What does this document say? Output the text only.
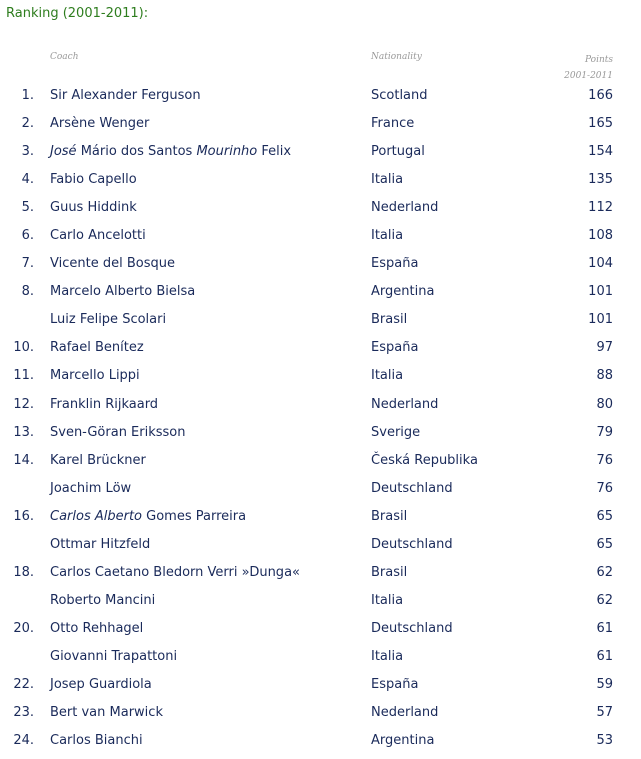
Ranking (2001-2011):
Coach	Nationality	Points
2001-2011
1. Sir Alexander Ferguson	Scotland	166
2. Arsène Wenger	France	165
3. José Mário dos Santos Mourinho Felix	Portugal	154
4. Fabio Capello	Italia	135
5. Guus Hiddink	Nederland	112
6. Carlo Ancelotti	Italia	108
7. Vicente del Bosque	España	104
8. Marcelo Alberto Bielsa	Argentina	101
Luiz Felipe Scolari	Brasil	101
10. Rafael Benítez	España	97
11. Marcello Lippi	Italia	88
12. Franklin Rijkaard	Nederland	80
13. Sven-Göran Eriksson	Sverige	79
14. Karel Brückner	Česká Republika	76
Joachim Löw	Deutschland	76
16. Carlos Alberto Gomes Parreira	Brasil	65
Ottmar Hitzfeld	Deutschland	65
18. Carlos Caetano Bledorn Verri »Dunga«	Brasil	62
Roberto Mancini	Italia	62
20. Otto Rehhagel	Deutschland	61
Giovanni Trapattoni	Italia	61
22. Josep Guardiola	España	59
23. Bert van Marwick	Nederland	57
24. Carlos Bianchi	Argentina	53
